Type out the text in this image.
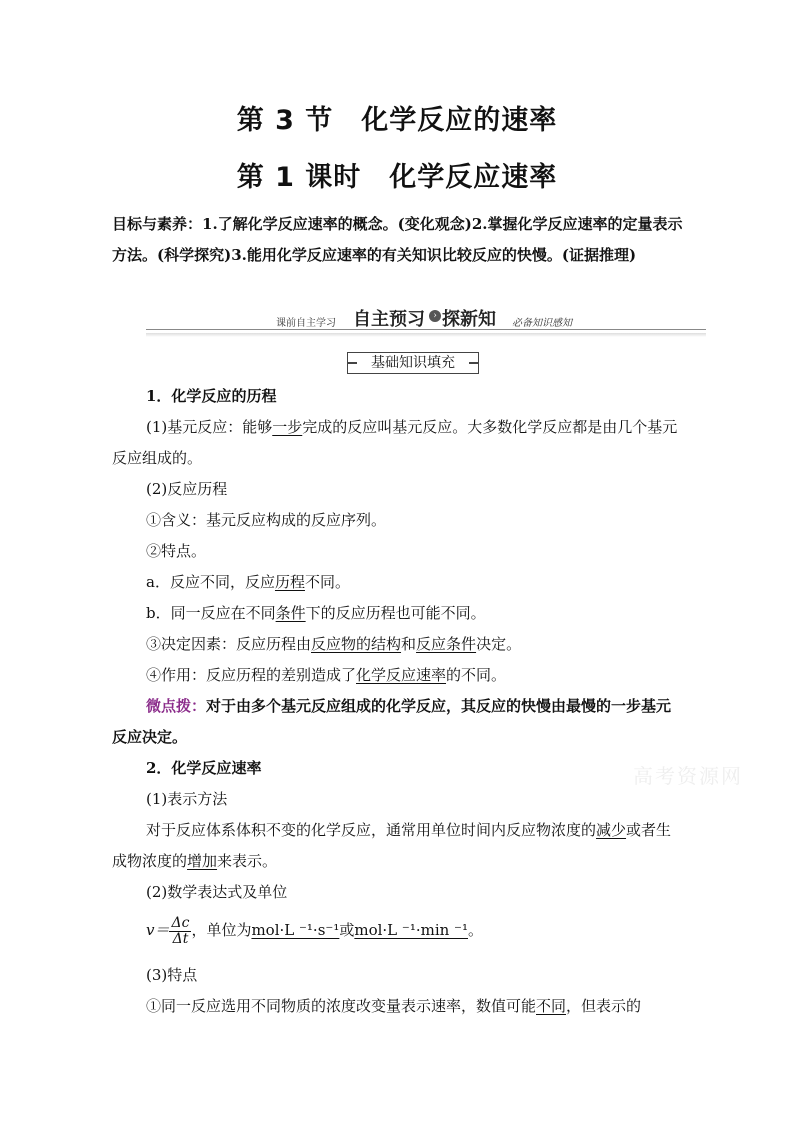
第 3 节　化学反应的速率
第 1 课时　化学反应速率
目标与素养：1.了解化学反应速率的概念。(变化观念)2.掌握化学反应速率的定量表示方法。(科学探究)3.能用化学反应速率的有关知识比较反应的快慢。(证据推理)
课前自主学习 自主预习 › 探新知 必备知识感知
基础知识填充
1．化学反应的历程
(1)基元反应：能够一步完成的反应叫基元反应。大多数化学反应都是由几个基元反应组成的。
(2)反应历程
①含义：基元反应构成的反应序列。
②特点。
a．反应不同，反应历程不同。
b．同一反应在不同条件下的反应历程也可能不同。
③决定因素：反应历程由反应物的结构和反应条件决定。
④作用：反应历程的差别造成了化学反应速率的不同。
微点拨：对于由多个基元反应组成的化学反应，其反应的快慢由最慢的一步基元反应决定。
2．化学反应速率
(1)表示方法
对于反应体系体积不变的化学反应，通常用单位时间内反应物浓度的减少或者生成物浓度的增加来表示。
(2)数学表达式及单位
$v= \frac{\Delta c}{\Delta t}$ ，单位为mol·L ⁻¹·s⁻¹或mol·L ⁻¹·min ⁻¹。
(3)特点
①同一反应选用不同物质的浓度改变量表示速率，数值可能不同，但表示的
高考资源网
